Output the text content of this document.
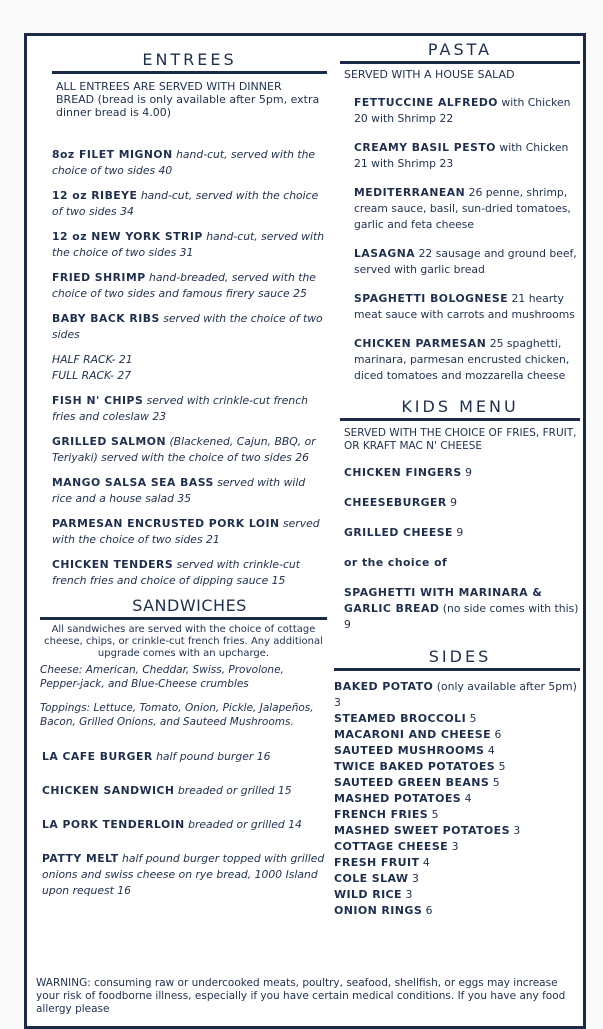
ENTREES
ALL ENTREES ARE SERVED WITH DINNER BREAD (bread is only available after 5pm, extra dinner bread is 4.00)
8oz FILET MIGNON hand-cut, served with the choice of two sides 40
12 oz RIBEYE hand-cut, served with the choice of two sides 34
12 oz NEW YORK STRIP hand-cut, served with the choice of two sides 31
FRIED SHRIMP hand-breaded, served with the choice of two sides and famous firery sauce 25
BABY BACK RIBS served with the choice of two sides
HALF RACK- 21
FULL RACK- 27
FISH N' CHIPS served with crinkle-cut french fries and coleslaw 23
GRILLED SALMON (Blackened, Cajun, BBQ, or Teriyaki) served with the choice of two sides 26
MANGO SALSA SEA BASS served with wild rice and a house salad 35
PARMESAN ENCRUSTED PORK LOIN served with the choice of two sides 21
CHICKEN TENDERS served with crinkle-cut french fries and choice of dipping sauce 15
SANDWICHES
All sandwiches are served with the choice of cottage cheese, chips, or crinkle-cut french fries. Any additional upgrade comes with an upcharge.
Cheese: American, Cheddar, Swiss, Provolone, Pepper-jack, and Blue-Cheese crumbles
Toppings: Lettuce, Tomato, Onion, Pickle, Jalapeños, Bacon, Grilled Onions, and Sauteed Mushrooms.
LA CAFE BURGER half pound burger 16
CHICKEN SANDWICH breaded or grilled 15
LA PORK TENDERLOIN breaded or grilled 14
PATTY MELT half pound burger topped with grilled onions and swiss cheese on rye bread, 1000 Island upon request 16
PASTA
SERVED WITH A HOUSE SALAD
FETTUCCINE ALFREDO with Chicken 20 with Shrimp 22
CREAMY BASIL PESTO with Chicken 21 with Shrimp 23
MEDITERRANEAN 26 penne, shrimp, cream sauce, basil, sun-dried tomatoes, garlic and feta cheese
LASAGNA 22 sausage and ground beef, served with garlic bread
SPAGHETTI BOLOGNESE 21 hearty meat sauce with carrots and mushrooms
CHICKEN PARMESAN 25 spaghetti, marinara, parmesan encrusted chicken, diced tomatoes and mozzarella cheese
KIDS MENU
SERVED WITH THE CHOICE OF FRIES, FRUIT, OR KRAFT MAC N' CHEESE
CHICKEN FINGERS 9
CHEESEBURGER 9
GRILLED CHEESE 9
or the choice of
SPAGHETTI WITH MARINARA & GARLIC BREAD (no side comes with this) 9
SIDES
BAKED POTATO (only available after 5pm) 3
STEAMED BROCCOLI 5
MACARONI AND CHEESE 6
SAUTEED MUSHROOMS 4
TWICE BAKED POTATOES 5
SAUTEED GREEN BEANS 5
MASHED POTATOES 4
FRENCH FRIES 5
MASHED SWEET POTATOES 3
COTTAGE CHEESE 3
FRESH FRUIT 4
COLE SLAW 3
WILD RICE 3
ONION RINGS 6
WARNING: consuming raw or undercooked meats, poultry, seafood, shellfish, or eggs may increase your risk of foodborne illness, especially if you have certain medical conditions. If you have any food allergy please
